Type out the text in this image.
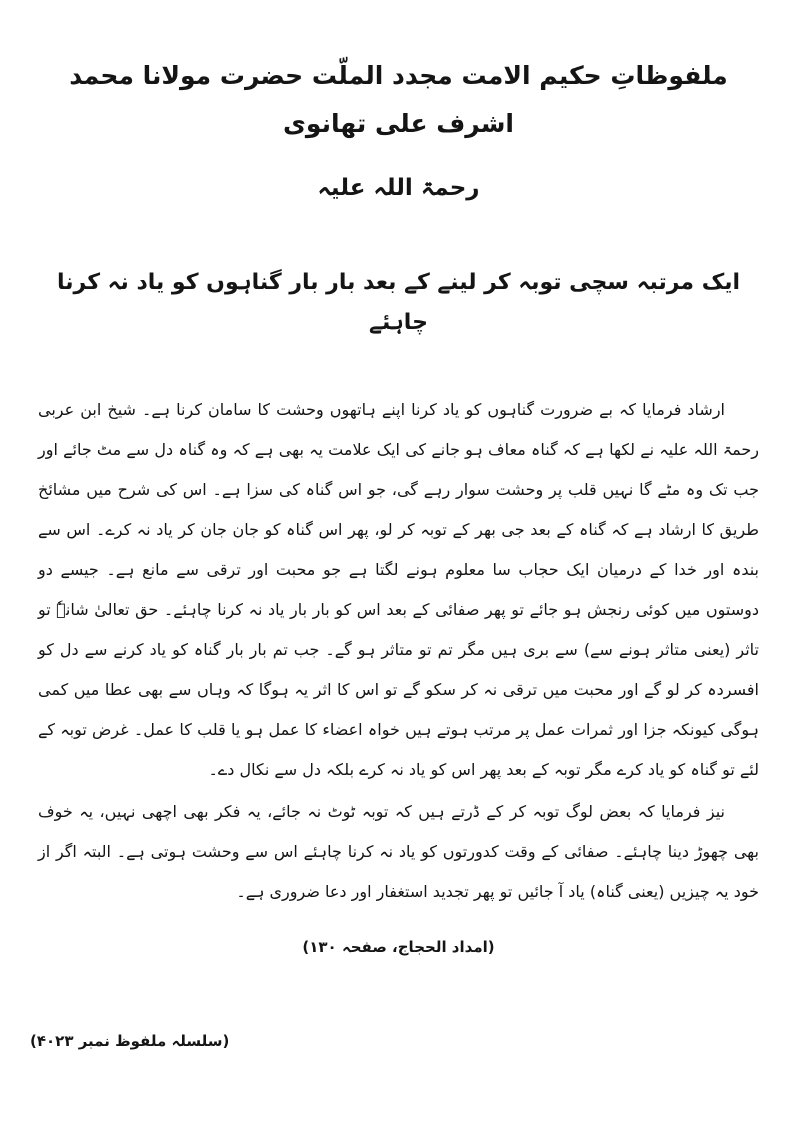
ملفوظاتِ حکیم الامت مجدد الملّت حضرت مولانا محمد اشرف علی تھانوی
رحمۃ اللہ علیہ
ایک مرتبہ سچی توبہ کر لینے کے بعد بار بار گناہوں کو یاد نہ کرنا چاہئے

ارشاد فرمایا کہ بے ضرورت گناہوں کو یاد کرنا اپنے ہاتھوں وحشت کا سامان کرنا ہے۔ شیخ ابن عربی رحمۃ اللہ علیہ نے لکھا ہے کہ گناہ معاف ہو جانے کی ایک علامت یہ بھی ہے کہ وہ گناہ دل سے مٹ جائے اور جب تک وہ مٹے گا نہیں قلب پر وحشت سوار رہے گی، جو اس گناہ کی سزا ہے۔ اس کی شرح میں مشائخ طریق کا ارشاد ہے کہ گناہ کے بعد جی بھر کے توبہ کر لو، پھر اس گناہ کو جان جان کر یاد نہ کرے۔ اس سے بندہ اور خدا کے درمیان ایک حجاب سا معلوم ہونے لگتا ہے جو محبت اور ترقی سے مانع ہے۔ جیسے دو دوستوں میں کوئی رنجش ہو جائے تو پھر صفائی کے بعد اس کو بار بار یاد نہ کرنا چاہئے۔ حق تعالیٰ شانہٗ تو تاثر (یعنی متاثر ہونے سے) سے بری ہیں مگر تم تو متاثر ہو گے۔ جب تم بار بار گناہ کو یاد کرنے سے دل کو افسردہ کر لو گے اور محبت میں ترقی نہ کر سکو گے تو اس کا اثر یہ ہوگا کہ وہاں سے بھی عطا میں کمی ہوگی کیونکہ جزا اور ثمرات عمل پر مرتب ہوتے ہیں خواہ اعضاء کا عمل ہو یا قلب کا عمل۔ غرض توبہ کے لئے تو گناہ کو یاد کرے مگر توبہ کے بعد پھر اس کو یاد نہ کرے بلکہ دل سے نکال دے۔

نیز فرمایا کہ بعض لوگ توبہ کر کے ڈرتے ہیں کہ توبہ ٹوٹ نہ جائے، یہ فکر بھی اچھی نہیں، یہ خوف بھی چھوڑ دینا چاہئے۔ صفائی کے وقت کدورتوں کو یاد نہ کرنا چاہئے اس سے وحشت ہوتی ہے۔ البتہ اگر از خود یہ چیزیں (یعنی گناہ) یاد آ جائیں تو پھر تجدید استغفار اور دعا ضروری ہے۔

(امداد الحجاج، صفحہ ۱۳۰)
(سلسلہ ملفوظ نمبر ۴۰۲۳)
